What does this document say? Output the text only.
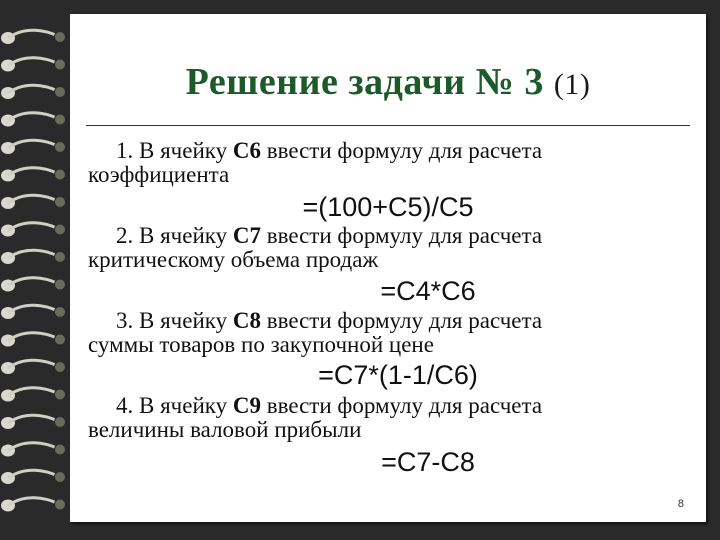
Решение задачи № 3 (1)
1. В ячейку С6 ввести формулу для расчета
коэффициента
=(100+С5)/С5
2. В ячейку С7 ввести формулу для расчета
критическому объема продаж
=С4*С6
3. В ячейку С8 ввести формулу для расчета
суммы товаров по закупочной цене
=С7*(1-1/С6)
4. В ячейку С9 ввести формулу для расчета
величины валовой прибыли
=С7-С8
8
